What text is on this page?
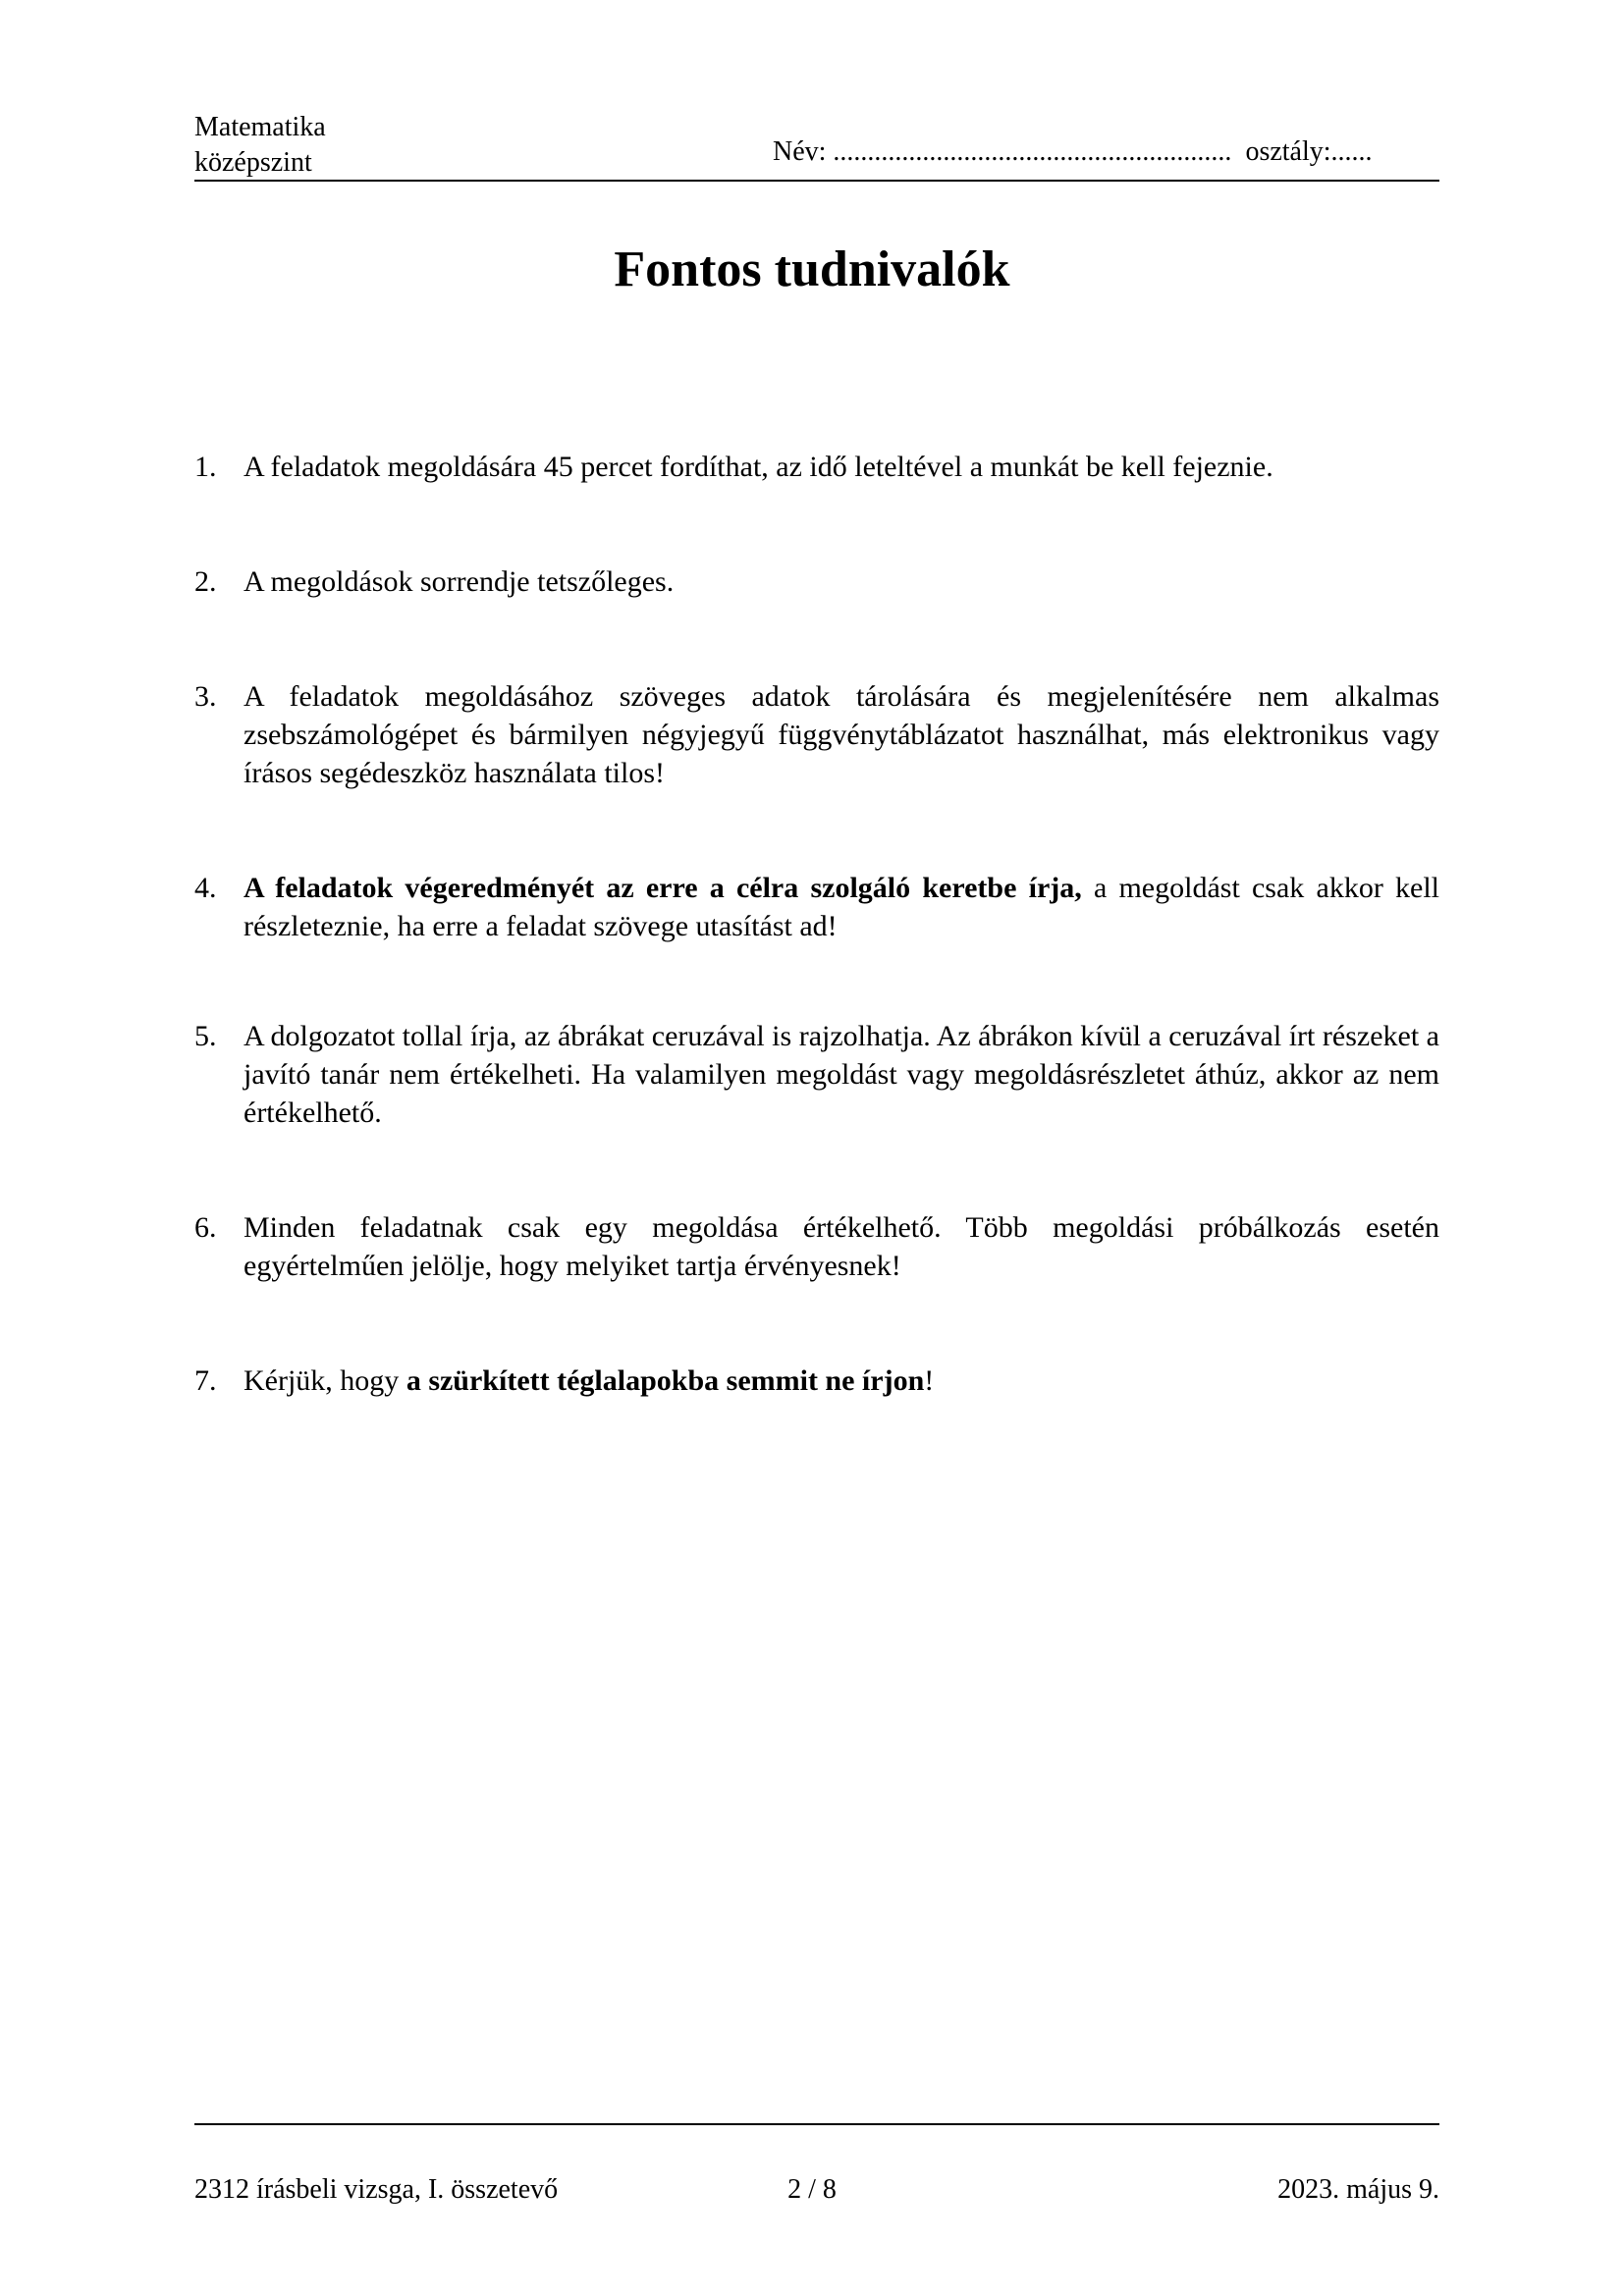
Matematika
középszint	Név: .......................................................... osztály:......
Fontos tudnivalók
1. A feladatok megoldására 45 percet fordíthat, az idő leteltével a munkát be kell fejeznie.
2. A megoldások sorrendje tetszőleges.
3. A feladatok megoldásához szöveges adatok tárolására és megjelenítésére nem alkalmas zsebszámológépet és bármilyen négyjegyű függvénytáblázatot használhat, más elektronikus vagy írásos segédeszköz használata tilos!
4. A feladatok végeredményét az erre a célra szolgáló keretbe írja, a megoldást csak akkor kell részleteznie, ha erre a feladat szövege utasítást ad!
5. A dolgozatot tollal írja, az ábrákat ceruzával is rajzolhatja. Az ábrákon kívül a ceruzával írt részeket a javító tanár nem értékelheti. Ha valamilyen megoldást vagy megoldásrészletet áthúz, akkor az nem értékelhető.
6. Minden feladatnak csak egy megoldása értékelhető. Több megoldási próbálkozás esetén egyértelműen jelölje, hogy melyiket tartja érvényesnek!
7. Kérjük, hogy a szürkített téglalapokba semmit ne írjon!
2312 írásbeli vizsga, I. összetevő	2 / 8	2023. május 9.
